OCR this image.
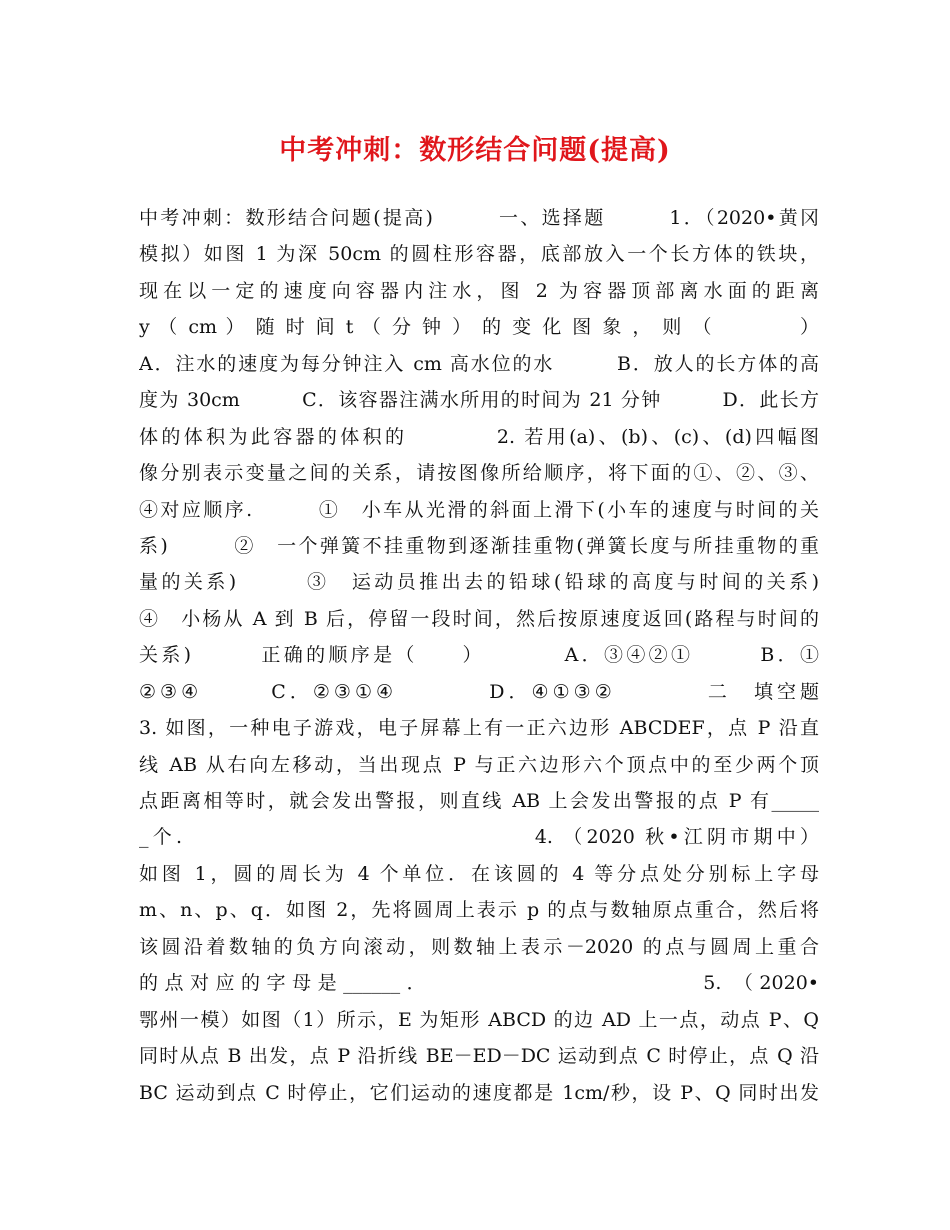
中考冲刺：数形结合问题(提高)
中考冲刺：数形结合问题(提高)　　　一、选择题　　　1．（2020•黄冈
模拟）如图 1 为深 50cm 的圆柱形容器，底部放入一个长方体的铁块，
现在以一定的速度向容器内注水，图 2 为容器顶部离水面的距离
y （ cm ） 随 时 间 t （ 分 钟 ） 的 变 化 图 象 ， 则 （　　　　）
A．注水的速度为每分钟注入 cm 高水位的水　　　B．放人的长方体的高
度为 30cm　　　C．该容器注满水所用的时间为 21 分钟　　　D．此长方
体的体积为此容器的体积的　　　　2. 若用(a)、(b)、(c)、(d)四幅图
像分别表示变量之间的关系，请按图像所给顺序，将下面的①、②、③、
④对应顺序.　　　①　小车从光滑的斜面上滑下(小车的速度与时间的关
系)　　　②　一个弹簧不挂重物到逐渐挂重物(弹簧长度与所挂重物的重
量的关系)　　　③　运动员推出去的铅球(铅球的高度与时间的关系)
④　小杨从 A 到 B 后，停留一段时间，然后按原速度返回(路程与时间的
关系)　　　正确的顺序是（　　）　　　　A．③④②①　　　B．①
②③④　　　C．②③①④　　　　D．④①③②　　　　二　填空题
3. 如图，一种电子游戏，电子屏幕上有一正六边形 ABCDEF，点 P 沿直
线 AB 从右向左移动，当出现点 P 与正六边形六个顶点中的至少两个顶
点距离相等时，就会发出警报，则直线 AB 上会发出警报的点 P 有_____
_个.　　　　　　　　　　　　　　　4. （2020 秋•江阴市期中）
如图 1，圆的周长为 4 个单位．在该圆的 4 等分点处分别标上字母
m、n、p、q．如图 2，先将圆周上表示 p 的点与数轴原点重合，然后将
该圆沿着数轴的负方向滚动，则数轴上表示－2020 的点与圆周上重合
的点对应的字母是______．　　　　　　　　　　　5. （2020•
鄂州一模）如图（1）所示，E 为矩形 ABCD 的边 AD 上一点，动点 P、Q
同时从点 B 出发，点 P 沿折线 BE－ED－DC 运动到点 C 时停止，点 Q 沿
BC 运动到点 C 时停止，它们运动的速度都是 1cm/秒，设 P、Q 同时出发
